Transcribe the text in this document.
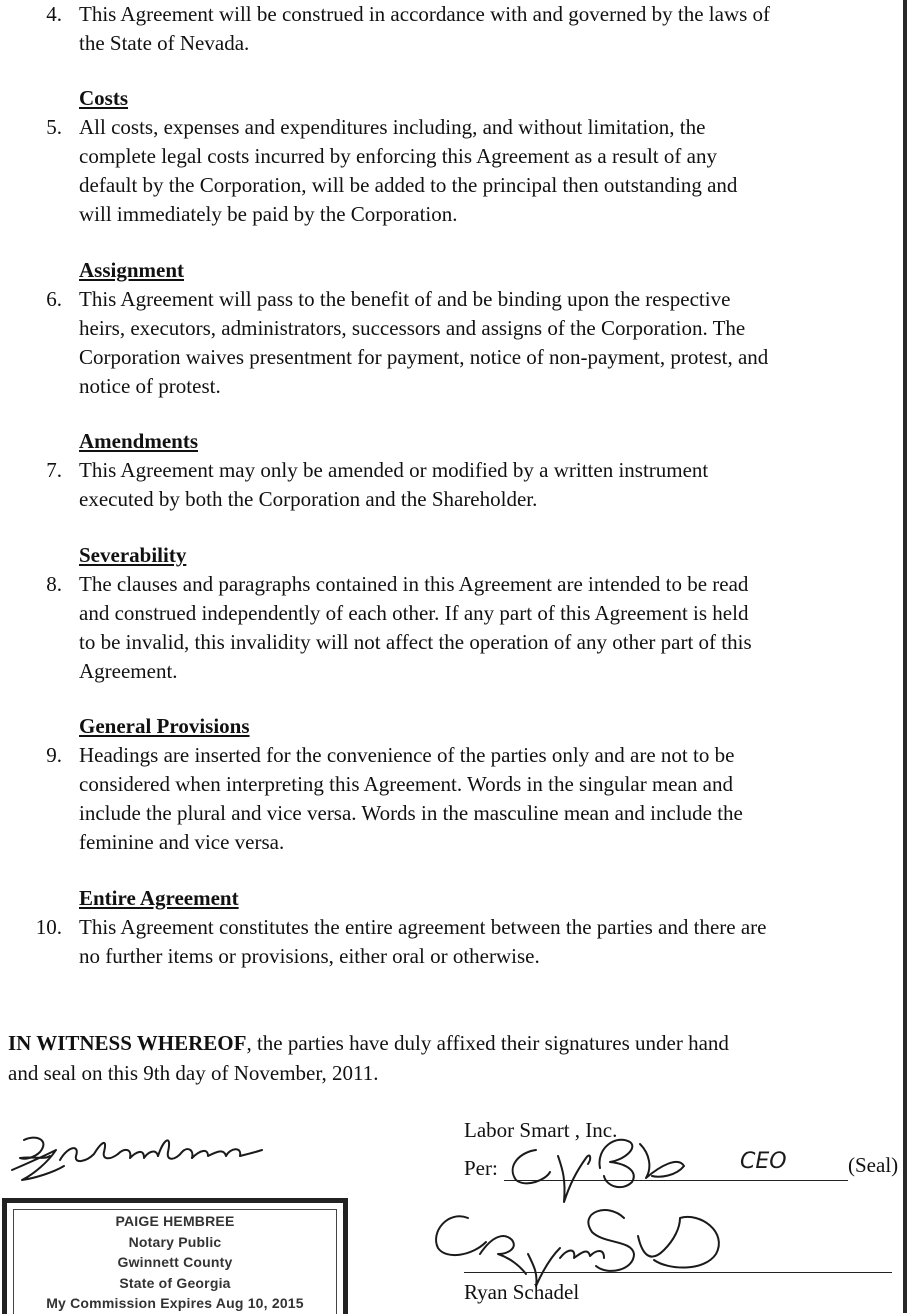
4. This Agreement will be construed in accordance with and governed by the laws of
the State of Nevada.
Costs
5. All costs, expenses and expenditures including, and without limitation, the
complete legal costs incurred by enforcing this Agreement as a result of any
default by the Corporation, will be added to the principal then outstanding and
will immediately be paid by the Corporation.
Assignment
6. This Agreement will pass to the benefit of and be binding upon the respective
heirs, executors, administrators, successors and assigns of the Corporation. The
Corporation waives presentment for payment, notice of non-payment, protest, and
notice of protest.
Amendments
7. This Agreement may only be amended or modified by a written instrument
executed by both the Corporation and the Shareholder.
Severability
8. The clauses and paragraphs contained in this Agreement are intended to be read
and construed independently of each other. If any part of this Agreement is held
to be invalid, this invalidity will not affect the operation of any other part of this
Agreement.
General Provisions
9. Headings are inserted for the convenience of the parties only and are not to be
considered when interpreting this Agreement. Words in the singular mean and
include the plural and vice versa. Words in the masculine mean and include the
feminine and vice versa.
Entire Agreement
10. This Agreement constitutes the entire agreement between the parties and there are
no further items or provisions, either oral or otherwise.
IN WITNESS WHEREOF, the parties have duly affixed their signatures under hand
and seal on this 9th day of November, 2011.
PAIGE HEMBREE
Notary Public
Gwinnett County
State of Georgia
My Commission Expires Aug 10, 2015
Labor Smart , Inc.
Per:	(Seal)
CEO
Ryan Schadel
